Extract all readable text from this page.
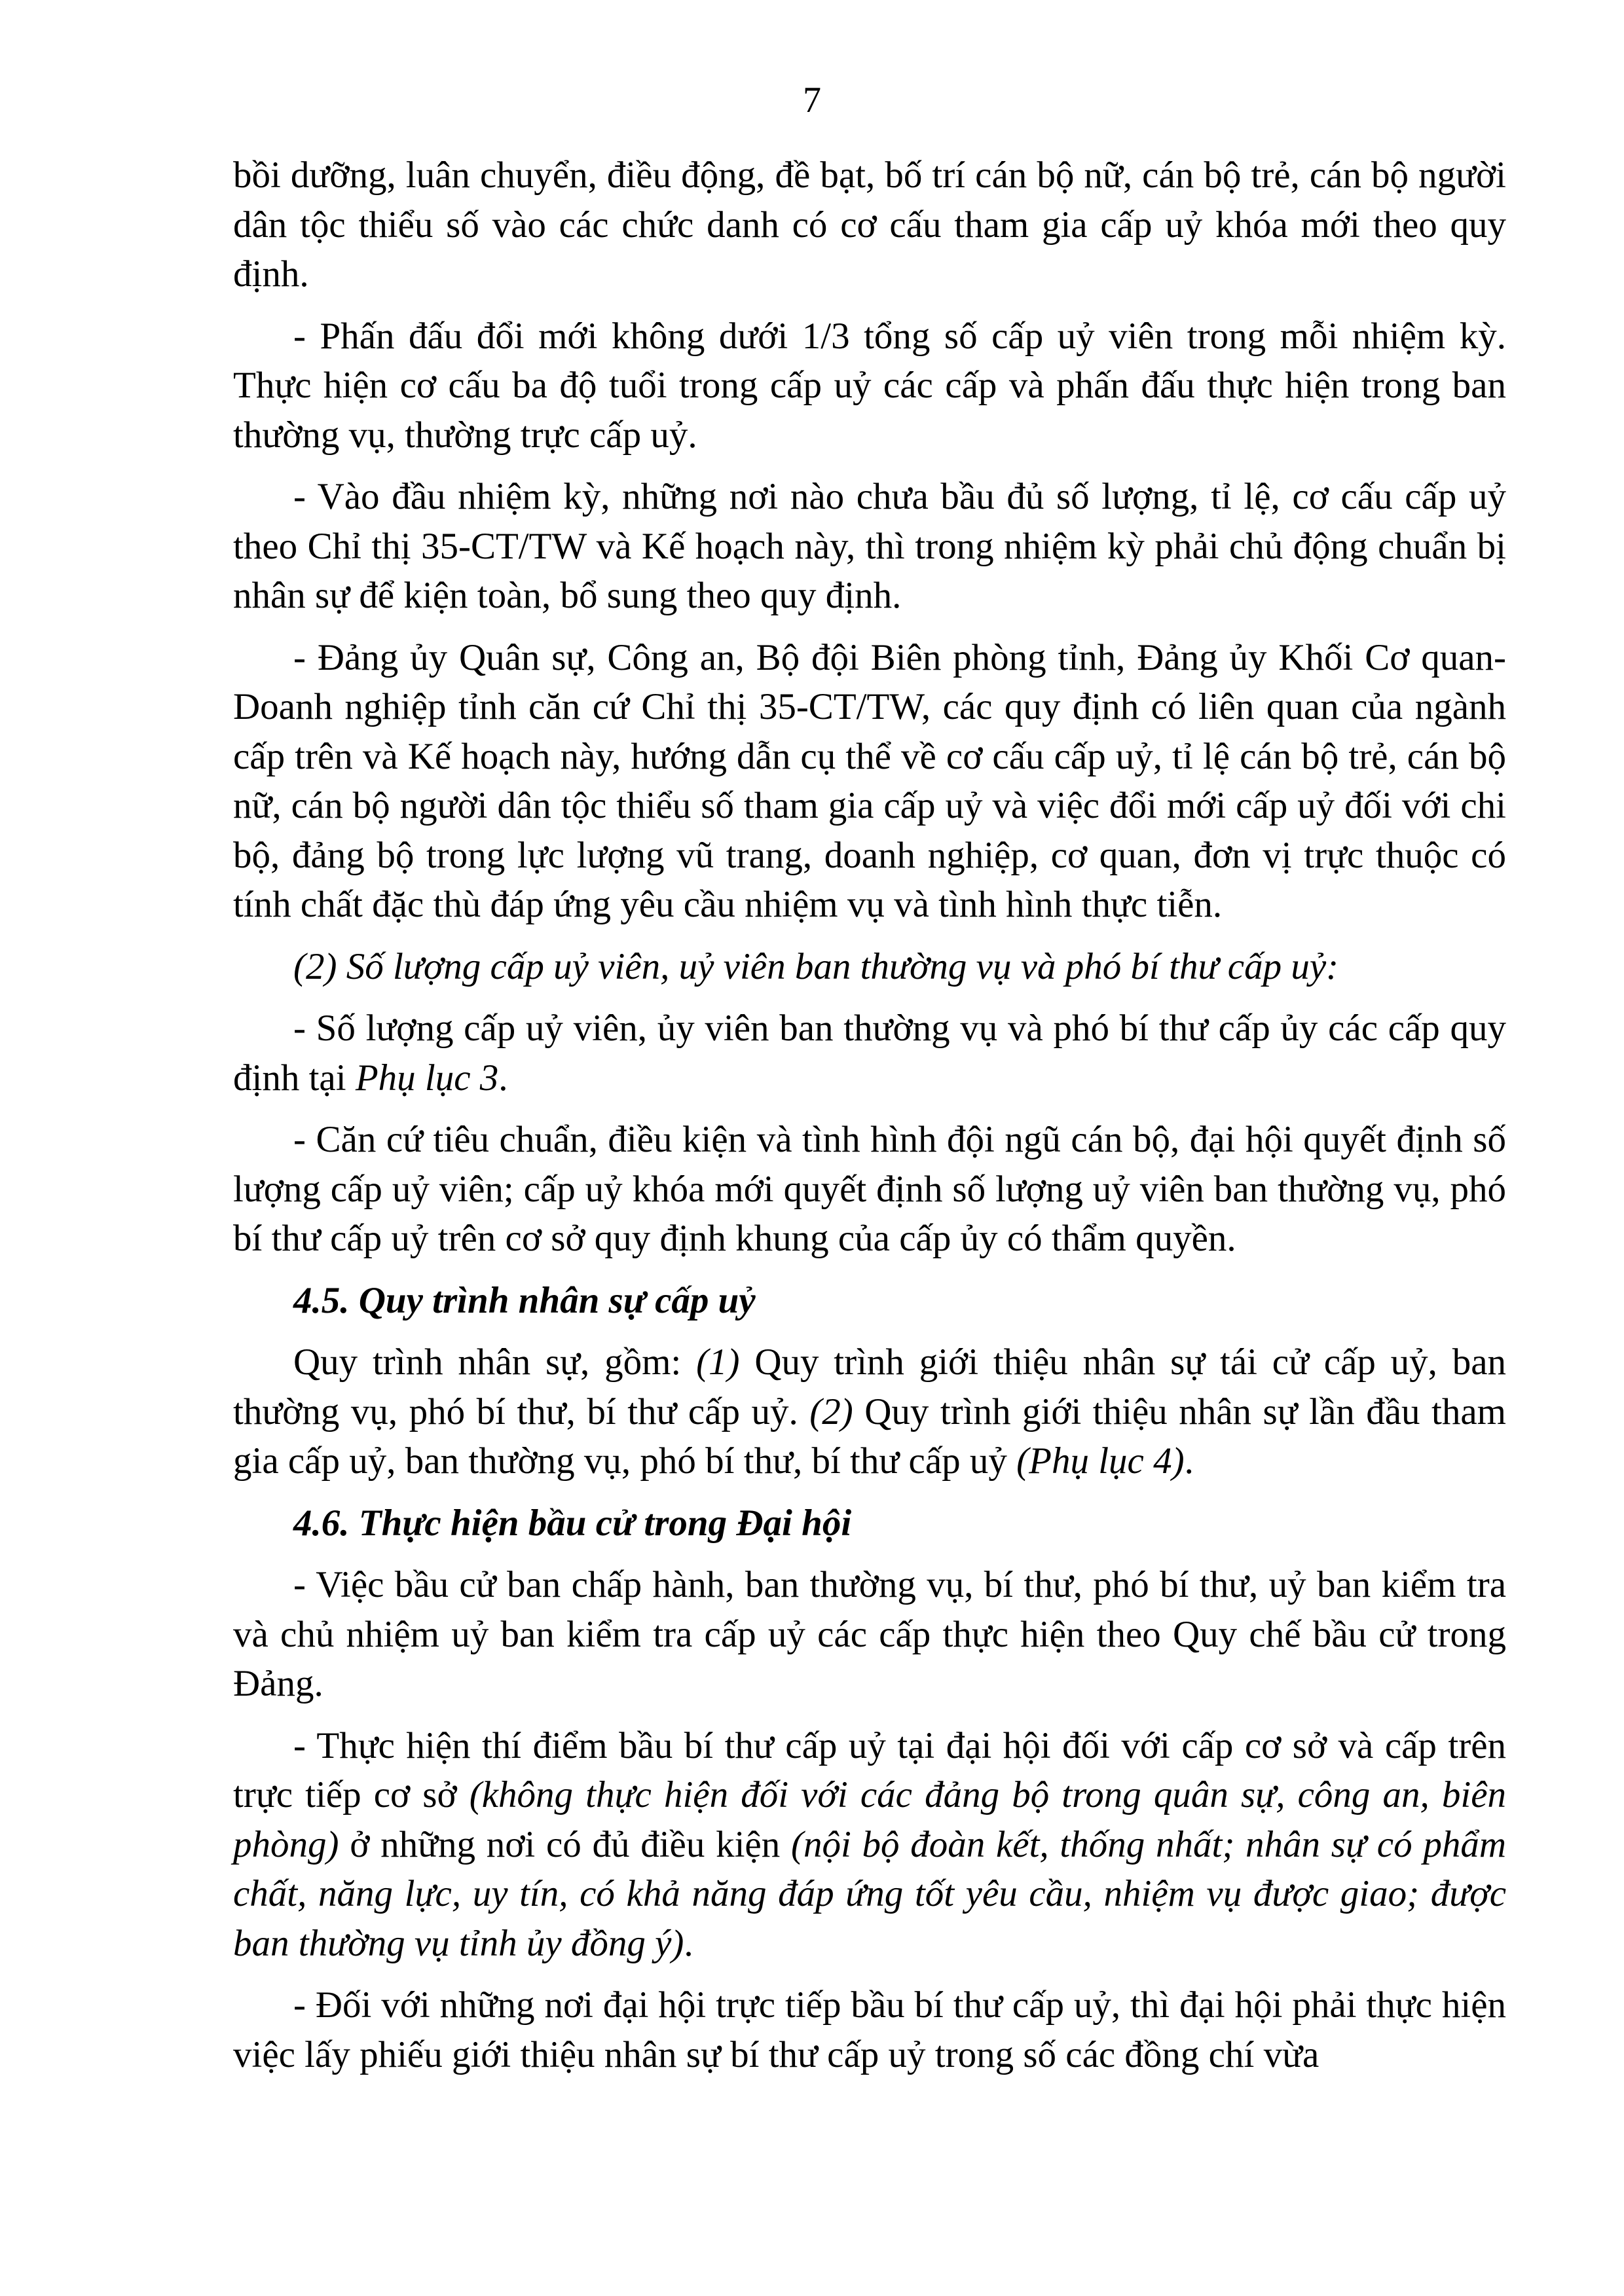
7

bồi dưỡng, luân chuyển, điều động, đề bạt, bố trí cán bộ nữ, cán bộ trẻ, cán bộ người dân tộc thiểu số vào các chức danh có cơ cấu tham gia cấp uỷ khóa mới theo quy định.

- Phấn đấu đổi mới không dưới 1/3 tổng số cấp uỷ viên trong mỗi nhiệm kỳ. Thực hiện cơ cấu ba độ tuổi trong cấp uỷ các cấp và phấn đấu thực hiện trong ban thường vụ, thường trực cấp uỷ.

- Vào đầu nhiệm kỳ, những nơi nào chưa bầu đủ số lượng, tỉ lệ, cơ cấu cấp uỷ theo Chỉ thị 35-CT/TW và Kế hoạch này, thì trong nhiệm kỳ phải chủ động chuẩn bị nhân sự để kiện toàn, bổ sung theo quy định.

- Đảng ủy Quân sự, Công an, Bộ đội Biên phòng tỉnh, Đảng ủy Khối Cơ quan-Doanh nghiệp tỉnh căn cứ Chỉ thị 35-CT/TW, các quy định có liên quan của ngành cấp trên và Kế hoạch này, hướng dẫn cụ thể về cơ cấu cấp uỷ, tỉ lệ cán bộ trẻ, cán bộ nữ, cán bộ người dân tộc thiểu số tham gia cấp uỷ và việc đổi mới cấp uỷ đối với chi bộ, đảng bộ trong lực lượng vũ trang, doanh nghiệp, cơ quan, đơn vị trực thuộc có tính chất đặc thù đáp ứng yêu cầu nhiệm vụ và tình hình thực tiễn.

(2) Số lượng cấp uỷ viên, uỷ viên ban thường vụ và phó bí thư cấp uỷ:

- Số lượng cấp uỷ viên, ủy viên ban thường vụ và phó bí thư cấp ủy các cấp quy định tại Phụ lục 3.

- Căn cứ tiêu chuẩn, điều kiện và tình hình đội ngũ cán bộ, đại hội quyết định số lượng cấp uỷ viên; cấp uỷ khóa mới quyết định số lượng uỷ viên ban thường vụ, phó bí thư cấp uỷ trên cơ sở quy định khung của cấp ủy có thẩm quyền.

4.5. Quy trình nhân sự cấp uỷ

Quy trình nhân sự, gồm: (1) Quy trình giới thiệu nhân sự tái cử cấp uỷ, ban thường vụ, phó bí thư, bí thư cấp uỷ. (2) Quy trình giới thiệu nhân sự lần đầu tham gia cấp uỷ, ban thường vụ, phó bí thư, bí thư cấp uỷ (Phụ lục 4).

4.6. Thực hiện bầu cử trong Đại hội

- Việc bầu cử ban chấp hành, ban thường vụ, bí thư, phó bí thư, uỷ ban kiểm tra và chủ nhiệm uỷ ban kiểm tra cấp uỷ các cấp thực hiện theo Quy chế bầu cử trong Đảng.

- Thực hiện thí điểm bầu bí thư cấp uỷ tại đại hội đối với cấp cơ sở và cấp trên trực tiếp cơ sở (không thực hiện đối với các đảng bộ trong quân sự, công an, biên phòng) ở những nơi có đủ điều kiện (nội bộ đoàn kết, thống nhất; nhân sự có phẩm chất, năng lực, uy tín, có khả năng đáp ứng tốt yêu cầu, nhiệm vụ được giao; được ban thường vụ tỉnh ủy đồng ý).

- Đối với những nơi đại hội trực tiếp bầu bí thư cấp uỷ, thì đại hội phải thực hiện việc lấy phiếu giới thiệu nhân sự bí thư cấp uỷ trong số các đồng chí vừa
